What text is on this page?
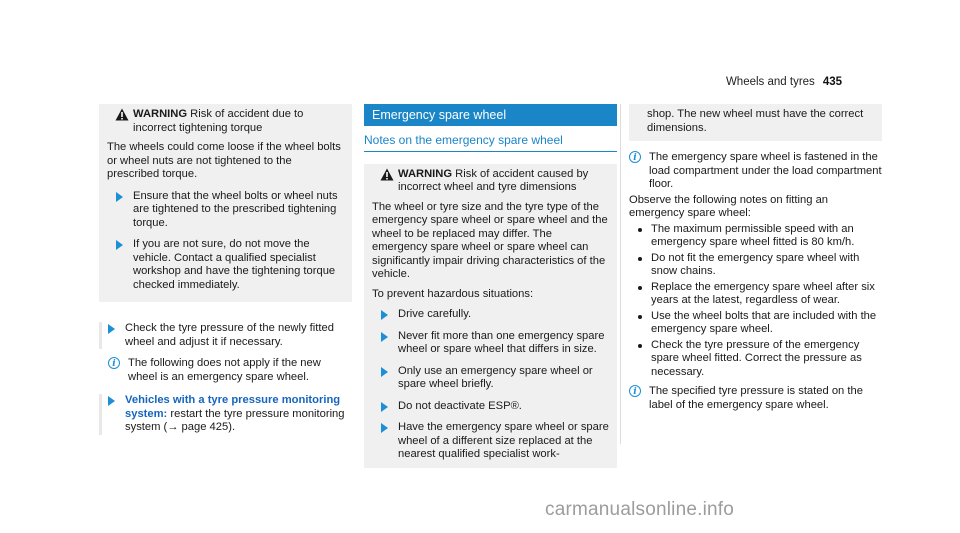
Wheels and tyres 435
WARNING Risk of accident due to incorrect tightening torque

The wheels could come loose if the wheel bolts or wheel nuts are not tightened to the prescribed torque.

Ensure that the wheel bolts or wheel nuts are tightened to the prescribed tightening torque.
If you are not sure, do not move the vehicle. Contact a qualified specialist workshop and have the tightening torque checked immediately.
Check the tyre pressure of the newly fitted wheel and adjust it if necessary.
i	The following does not apply if the new wheel is an emergency spare wheel.
Vehicles with a tyre pressure monitoring system: restart the tyre pressure monitoring system (→ page 425).
Emergency spare wheel
Notes on the emergency spare wheel
WARNING Risk of accident caused by incorrect wheel and tyre dimensions

The wheel or tyre size and the tyre type of the emergency spare wheel or spare wheel and the wheel to be replaced may differ. The emergency spare wheel or spare wheel can significantly impair driving characteristics of the vehicle.

To prevent hazardous situations:

Drive carefully.
Never fit more than one emergency spare wheel or spare wheel that differs in size.
Only use an emergency spare wheel or spare wheel briefly.
Do not deactivate ESP®.
Have the emergency spare wheel or spare wheel of a different size replaced at the nearest qualified specialist work-
shop. The new wheel must have the correct dimensions.
i	The emergency spare wheel is fastened in the load compartment under the load compartment floor.

Observe the following notes on fitting an emergency spare wheel:

The maximum permissible speed with an emergency spare wheel fitted is 80 km/h.
Do not fit the emergency spare wheel with snow chains.
Replace the emergency spare wheel after six years at the latest, regardless of wear.
Use the wheel bolts that are included with the emergency spare wheel.
Check the tyre pressure of the emergency spare wheel fitted. Correct the pressure as necessary.
i	The specified tyre pressure is stated on the label of the emergency spare wheel.
carmanualsonline.info
